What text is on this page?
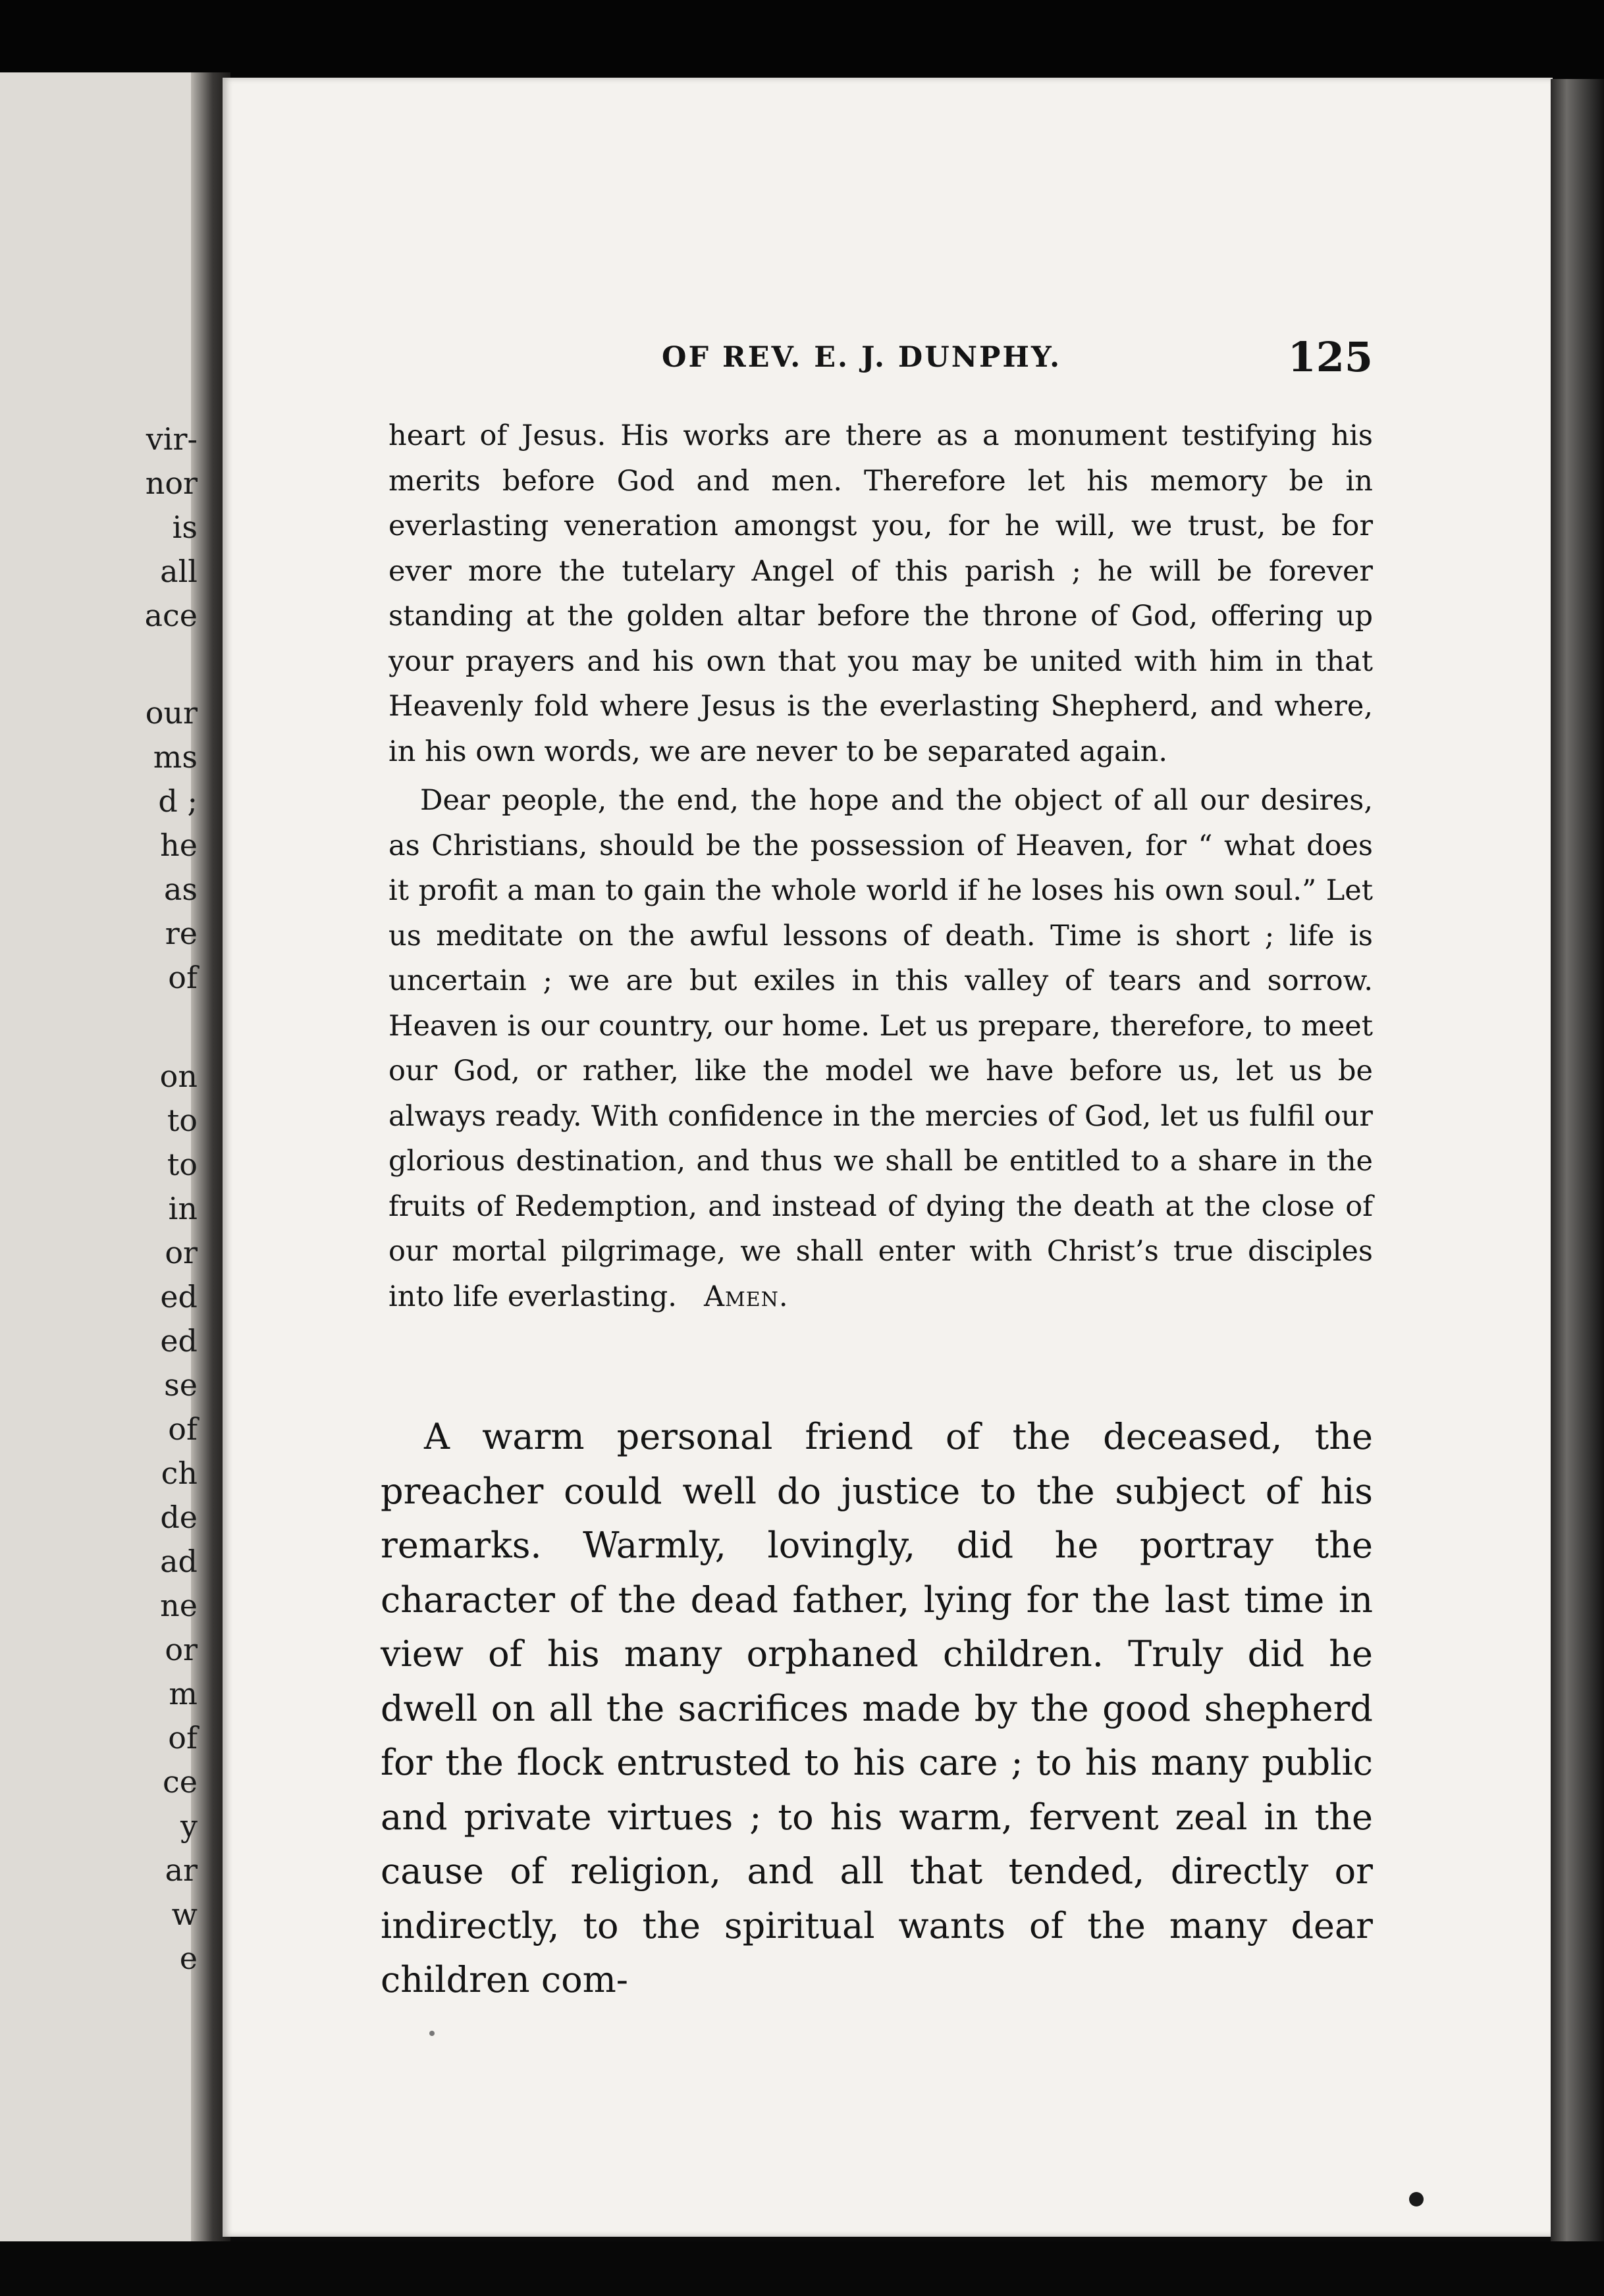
vir-
nor
is
all
ace
our
ms
d ;
he
as
re
of
on
to
to
in
or
ed
ed
se
of
ch
de
ad
ne
or
m
of
ce
y
ar
w
e
OF REV. E. J. DUNPHY.	125

heart of Jesus. His works are there as a monument testifying his merits before God and men. Therefore let his memory be in everlasting veneration amongst you, for he will, we trust, be for ever more the tutelary Angel of this parish ; he will be forever standing at the golden altar before the throne of God, offering up your prayers and his own that you may be united with him in that Heavenly fold where Jesus is the everlasting Shepherd, and where, in his own words, we are never to be separated again.

Dear people, the end, the hope and the object of all our desires, as Christians, should be the possession of Heaven, for “ what does it profit a man to gain the whole world if he loses his own soul.” Let us meditate on the awful lessons of death. Time is short ; life is uncertain ; we are but exiles in this valley of tears and sorrow. Heaven is our country, our home. Let us prepare, therefore, to meet our God, or rather, like the model we have before us, let us be always ready. With confidence in the mercies of God, let us fulfil our glorious destination, and thus we shall be entitled to a share in the fruits of Redemption, and instead of dying the death at the close of our mortal pilgrimage, we shall enter with Christ’s true disciples into life everlasting. Amen.

A warm personal friend of the deceased, the preacher could well do justice to the subject of his remarks. Warmly, lovingly, did he portray the character of the dead father, lying for the last time in view of his many orphaned children. Truly did he dwell on all the sacrifices made by the good shepherd for the flock entrusted to his care ; to his many public and private virtues ; to his warm, fervent zeal in the cause of religion, and all that tended, directly or indirectly, to the spiritual wants of the many dear children com-
